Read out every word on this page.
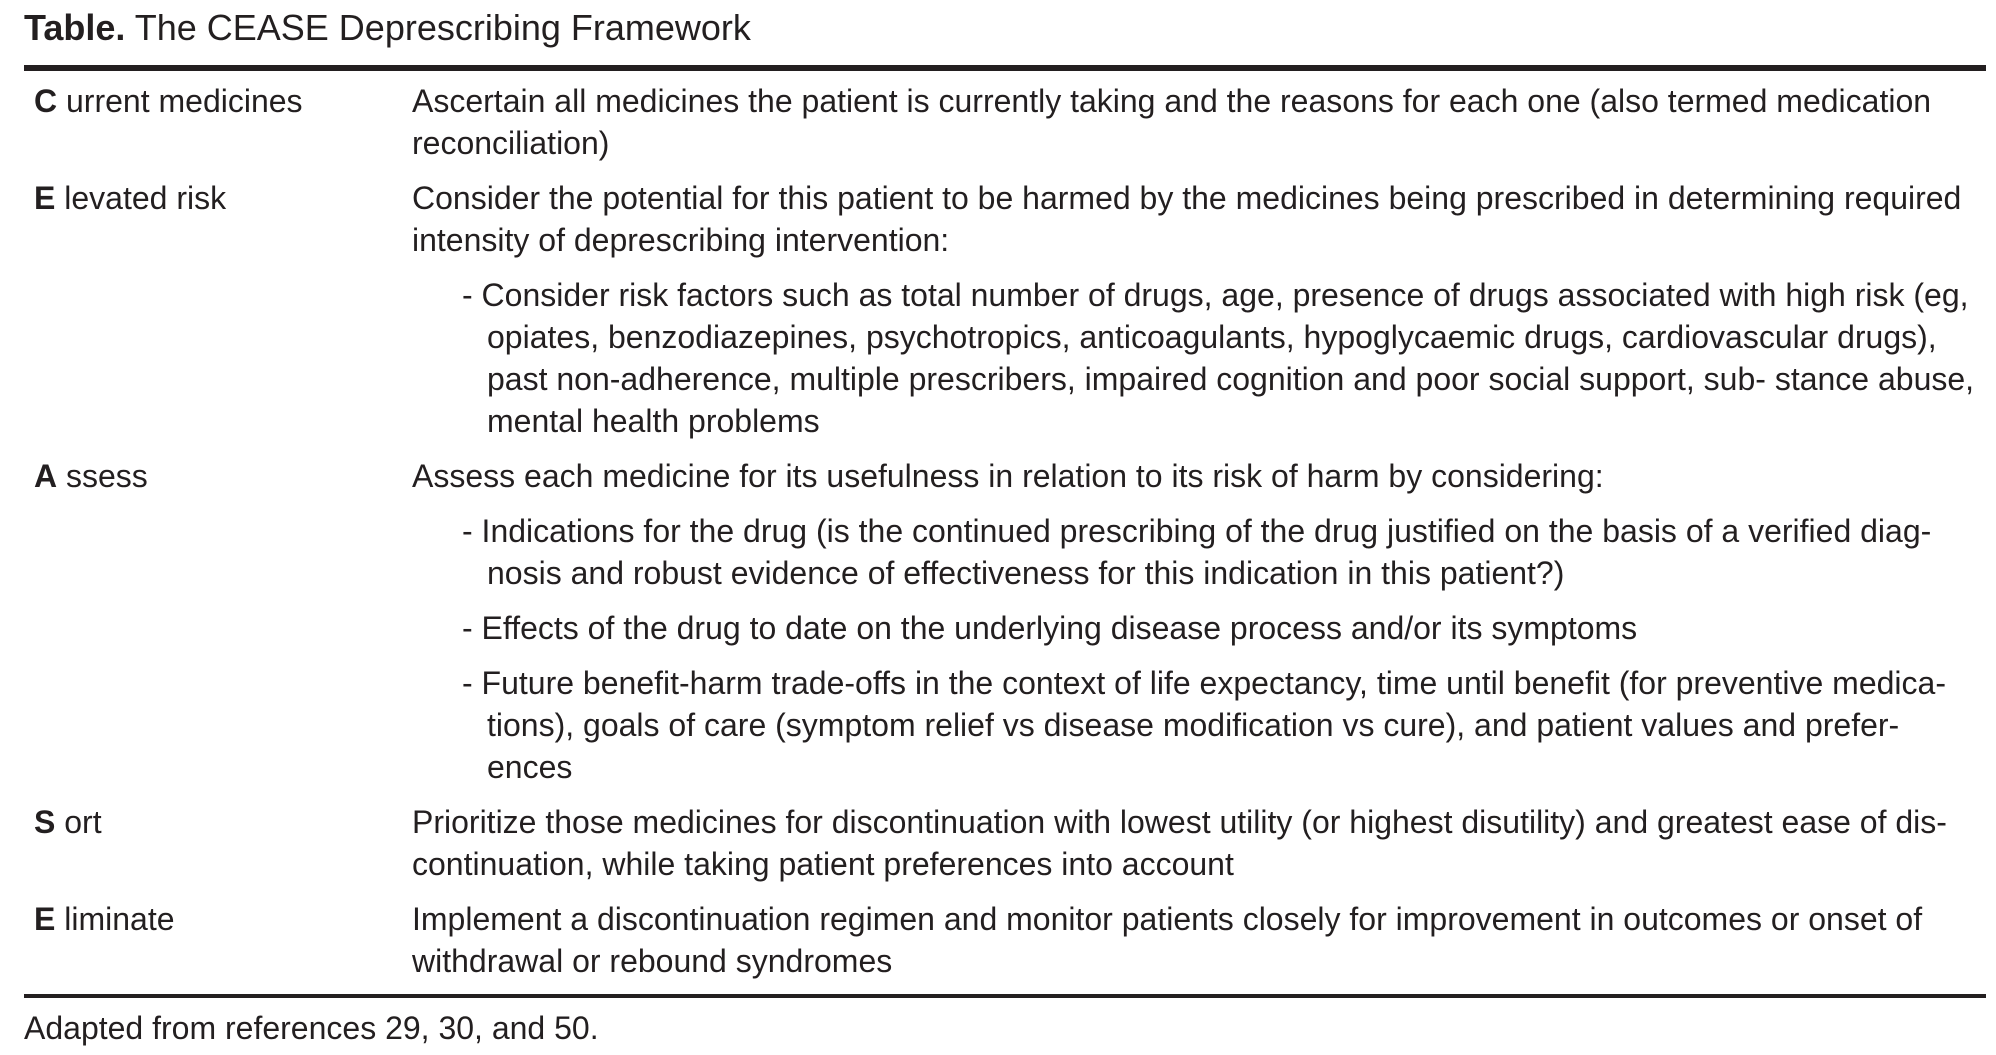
Table. The CEASE Deprescribing Framework
C urrent medicines	Ascertain all medicines the patient is currently taking and the reasons for each one (also termed medication reconciliation)

E levated risk	Consider the potential for this patient to be harmed by the medicines being prescribed in determining required intensity of deprescribing intervention:

- Consider risk factors such as total number of drugs, age, presence of drugs associated with high risk (eg, opiates, benzodiazepines, psychotropics, anticoagulants, hypoglycaemic drugs, cardiovascular drugs), past non-adherence, multiple prescribers, impaired cognition and poor social support, sub- stance abuse, mental health problems
A ssess	Assess each medicine for its usefulness in relation to its risk of harm by considering:

- Indications for the drug (is the continued prescribing of the drug justified on the basis of a verified diag- nosis and robust evidence of effectiveness for this indication in this patient?)
- Effects of the drug to date on the underlying disease process and/or its symptoms
- Future benefit-harm trade-offs in the context of life expectancy, time until benefit (for preventive medica- tions), goals of care (symptom relief vs disease modification vs cure), and patient values and prefer- ences
S ort	Prioritize those medicines for discontinuation with lowest utility (or highest disutility) and greatest ease of dis- continuation, while taking patient preferences into account

E liminate	Implement a discontinuation regimen and monitor patients closely for improvement in outcomes or onset of withdrawal or rebound syndromes

Adapted from references 29, 30, and 50.
